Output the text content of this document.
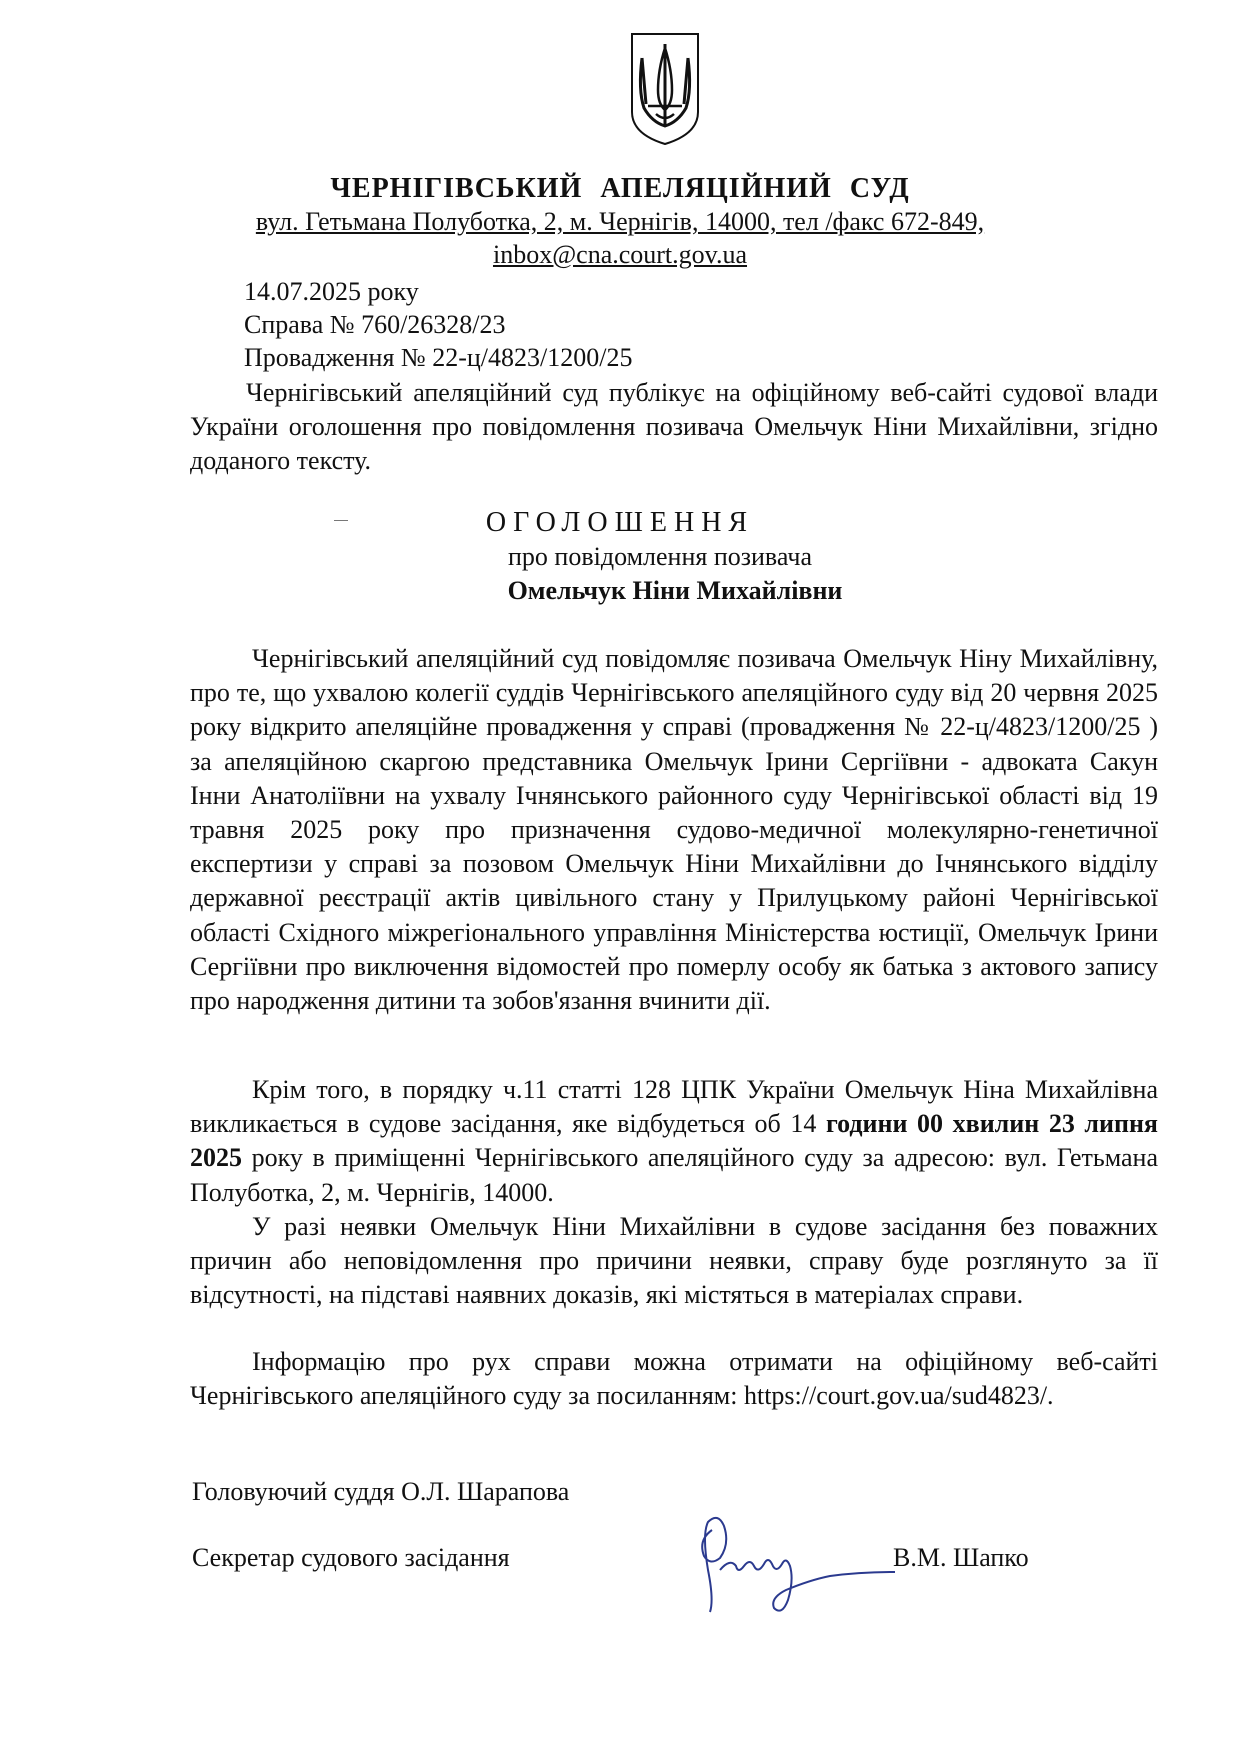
ЧЕРНІГІВСЬКИЙ АПЕЛЯЦІЙНИЙ СУД
вул. Гетьмана Полуботка, 2, м. Чернігів, 14000, тел /факс 672-849,
inbox@cna.court.gov.ua
14.07.2025 року
Справа № 760/26328/23
Провадження № 22-ц/4823/1200/25
Чернігівський апеляційний суд публікує на офіційному веб-сайті судової влади України оголошення про повідомлення позивача Омельчук Ніни Михайлівни, згідно доданого тексту.
ОГОЛОШЕННЯ
про повідомлення позивача
Омельчук Ніни Михайлівни
Чернігівський апеляційний суд повідомляє позивача Омельчук Ніну Михайлівну, про те, що ухвалою колегії суддів Чернігівського апеляційного суду від 20 червня 2025 року відкрито апеляційне провадження у справі (провадження № 22-ц/4823/1200/25 ) за апеляційною скаргою представника Омельчук Ірини Сергіївни - адвоката Сакун Інни Анатоліївни на ухвалу Ічнянського районного суду Чернігівської області від 19 травня 2025 року про призначення судово-медичної молекулярно-генетичної експертизи у справі за позовом Омельчук Ніни Михайлівни до Ічнянського відділу державної реєстрації актів цивільного стану у Прилуцькому районі Чернігівської області Східного міжрегіонального управління Міністерства юстиції, Омельчук Ірини Сергіївни про виключення відомостей про померлу особу як батька з актового запису про народження дитини та зобов'язання вчинити дії.
Крім того, в порядку ч.11 статті 128 ЦПК України Омельчук Ніна Михайлівна викликається в судове засідання, яке відбудеться об 14 години 00 хвилин 23 липня 2025 року в приміщенні Чернігівського апеляційного суду за адресою: вул. Гетьмана Полуботка, 2, м. Чернігів, 14000.
У разі неявки Омельчук Ніни Михайлівни в судове засідання без поважних причин або неповідомлення про причини неявки, справу буде розглянуто за її відсутності, на підставі наявних доказів, які містяться в матеріалах справи.
Інформацію про рух справи можна отримати на офіційному веб-сайті Чернігівського апеляційного суду за посиланням: https://court.gov.ua/sud4823/.
Головуючий суддя О.Л. Шарапова
Секретар судового засідання	В.М. Шапко
